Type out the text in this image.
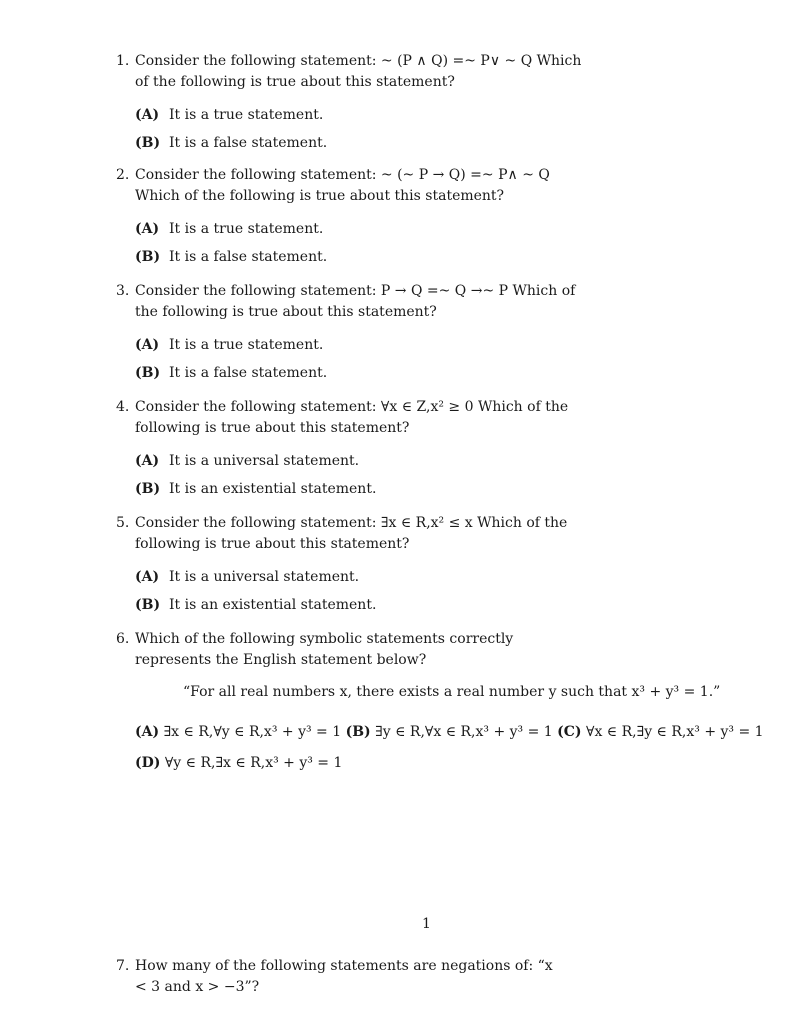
1. Consider the following statement: ~ (P ∧ Q) =~ P∨ ~ Q Which of the following is true about this statement?
(A) It is a true statement.
(B) It is a false statement.
2. Consider the following statement: ~ (~ P → Q) =~ P∧ ~ Q Which of the following is true about this statement?
(A) It is a true statement.
(B) It is a false statement.
3. Consider the following statement: P → Q =~ Q →~ P Which of the following is true about this statement?
(A) It is a true statement.
(B) It is a false statement.
4. Consider the following statement: ∀x ∈ Z,x² ≥ 0 Which of the following is true about this statement?
(A) It is a universal statement.
(B) It is an existential statement.
5. Consider the following statement: ∃x ∈ R,x² ≤ x Which of the following is true about this statement?
(A) It is a universal statement.
(B) It is an existential statement.
6. Which of the following symbolic statements correctly represents the English statement below?
“For all real numbers x, there exists a real number y such that x³ + y³ = 1.”
(A) ∃x ∈ R,∀y ∈ R,x³ + y³ = 1 (B) ∃y ∈ R,∀x ∈ R,x³ + y³ = 1 (C) ∀x ∈ R,∃y ∈ R,x³ + y³ = 1
(D) ∀y ∈ R,∃x ∈ R,x³ + y³ = 1
1
7. How many of the following statements are negations of: “x < 3 and x > −3”?
